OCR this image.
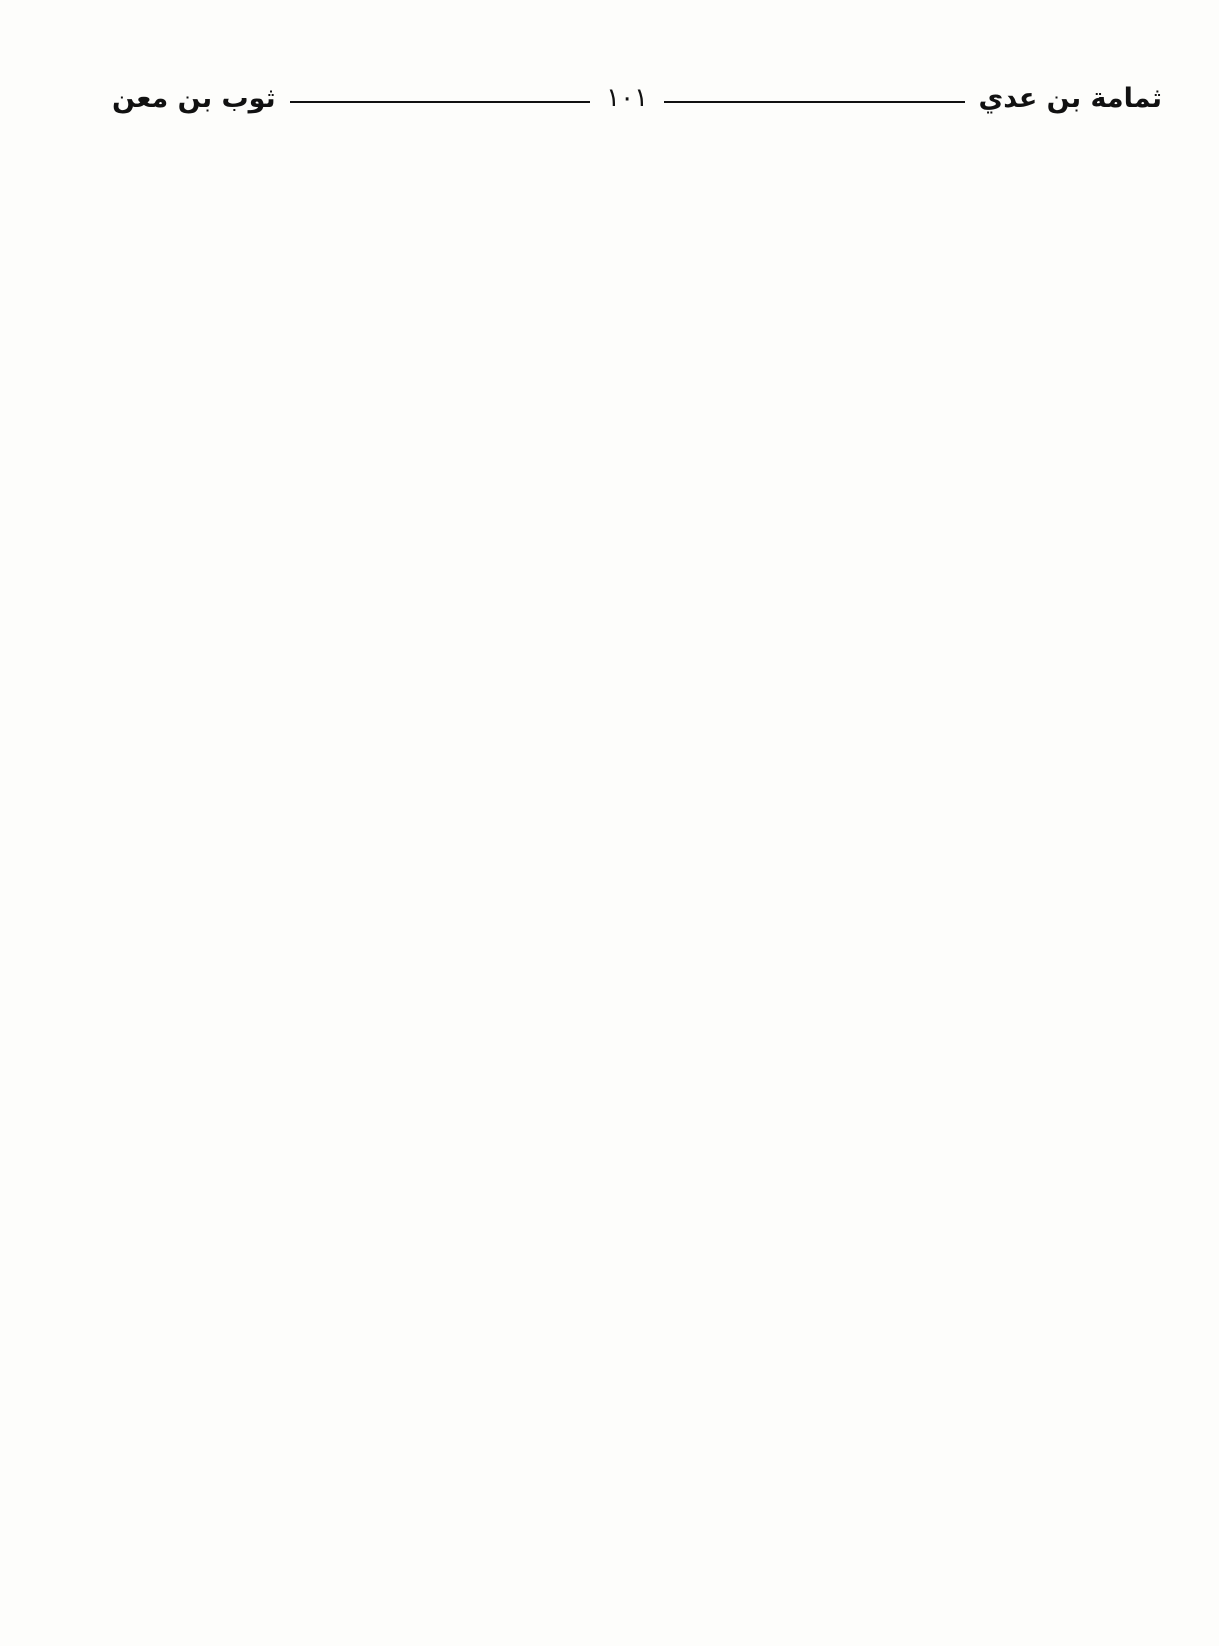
ثمامة بن عدي
١٠١
ثوب بن معن
